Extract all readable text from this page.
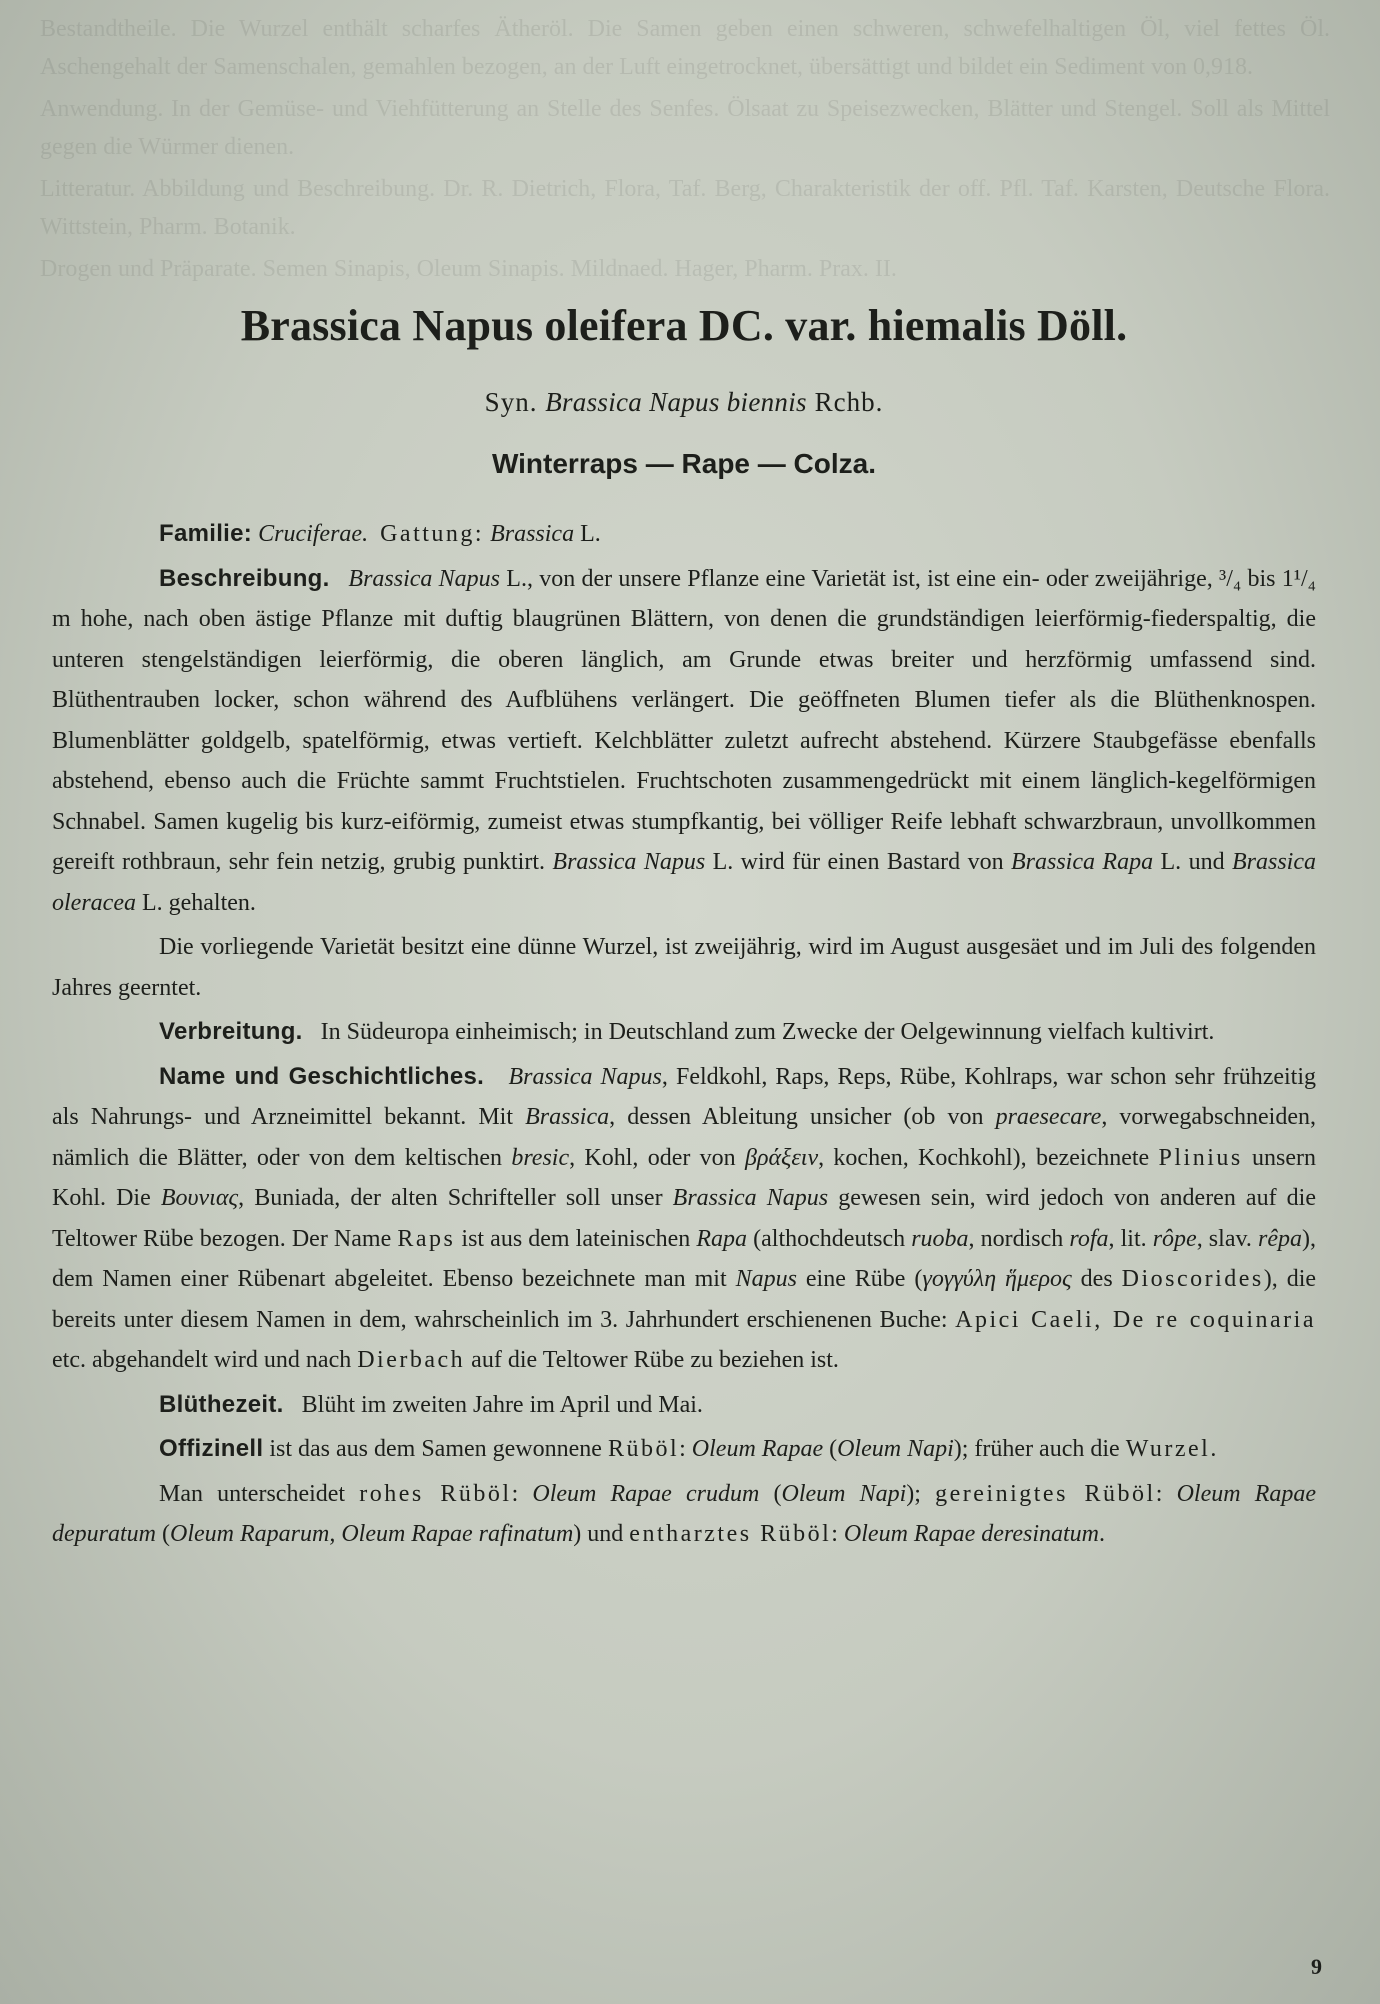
Bestandtheile. Die Wurzel enthält scharfes Ätheröl. Die Samen geben einen schweren, schwefelhaltigen Öl, viel fettes Öl. Aschengehalt der Samenschalen, gemahlen bezogen, an der Luft eingetrocknet, übersättigt und bildet ein Sediment von 0,918.

Anwendung. In der Gemüse- und Viehfütterung an Stelle des Senfes. Ölsaat zu Speisezwecken, Blätter und Stengel. Soll als Mittel gegen die Würmer dienen.

Litteratur. Abbildung und Beschreibung. Dr. R. Dietrich, Flora, Taf. Berg, Charakteristik der off. Pfl. Taf. Karsten, Deutsche Flora. Wittstein, Pharm. Botanik.

Drogen und Präparate. Semen Sinapis, Oleum Sinapis. Mildnaed. Hager, Pharm. Prax. II.

Brassica Napus oleifera DC. var. hiemalis Döll.

Syn. Brassica Napus biennis Rchb.

Winterraps — Rape — Colza.

Familie: Cruciferae. Gattung: Brassica L.

Beschreibung. Brassica Napus L., von der unsere Pflanze eine Varietät ist, ist eine ein- oder zweijährige, ³/₄ bis 1¹/₄ m hohe, nach oben ästige Pflanze mit duftig blaugrünen Blättern, von denen die grundständigen leierförmig-fiederspaltig, die unteren stengelständigen leierförmig, die oberen länglich, am Grunde etwas breiter und herzförmig umfassend sind. Blüthentrauben locker, schon während des Aufblühens verlängert. Die geöffneten Blumen tiefer als die Blüthenknospen. Blumenblätter goldgelb, spatelförmig, etwas vertieft. Kelchblätter zuletzt aufrecht abstehend. Kürzere Staubgefässe ebenfalls abstehend, ebenso auch die Früchte sammt Fruchtstielen. Fruchtschoten zusammengedrückt mit einem länglich-kegelförmigen Schnabel. Samen kugelig bis kurz-eiförmig, zumeist etwas stumpfkantig, bei völliger Reife lebhaft schwarzbraun, unvollkommen gereift rothbraun, sehr fein netzig, grubig punktirt. Brassica Napus L. wird für einen Bastard von Brassica Rapa L. und Brassica oleracea L. gehalten.

Die vorliegende Varietät besitzt eine dünne Wurzel, ist zweijährig, wird im August ausgesäet und im Juli des folgenden Jahres geerntet.

Verbreitung. In Südeuropa einheimisch; in Deutschland zum Zwecke der Oelgewinnung vielfach kultivirt.

Name und Geschichtliches. Brassica Napus, Feldkohl, Raps, Reps, Rübe, Kohlraps, war schon sehr frühzeitig als Nahrungs- und Arzneimittel bekannt. Mit Brassica, dessen Ableitung unsicher (ob von praesecare, vorwegabschneiden, nämlich die Blätter, oder von dem keltischen bresic, Kohl, oder von βράξειν, kochen, Kochkohl), bezeichnete Plinius unsern Kohl. Die Βουνιας, Buniada, der alten Schrifteller soll unser Brassica Napus gewesen sein, wird jedoch von anderen auf die Teltower Rübe bezogen. Der Name Raps ist aus dem lateinischen Rapa (althochdeutsch ruoba, nordisch rofa, lit. rôpe, slav. rêpa), dem Namen einer Rübenart abgeleitet. Ebenso bezeichnete man mit Napus eine Rübe (γογγύλη ἥμερος des Dioscorides), die bereits unter diesem Namen in dem, wahrscheinlich im 3. Jahrhundert erschienenen Buche: Apici Caeli, De re coquinaria etc. abgehandelt wird und nach Dierbach auf die Teltower Rübe zu beziehen ist.

Blüthezeit. Blüht im zweiten Jahre im April und Mai.

Offizinell ist das aus dem Samen gewonnene Rüböl: Oleum Rapae (Oleum Napi); früher auch die Wurzel.

Man unterscheidet rohes Rüböl: Oleum Rapae crudum (Oleum Napi); gereinigtes Rüböl: Oleum Rapae depuratum (Oleum Raparum, Oleum Rapae rafinatum) und entharztes Rüböl: Oleum Rapae deresinatum.

9
